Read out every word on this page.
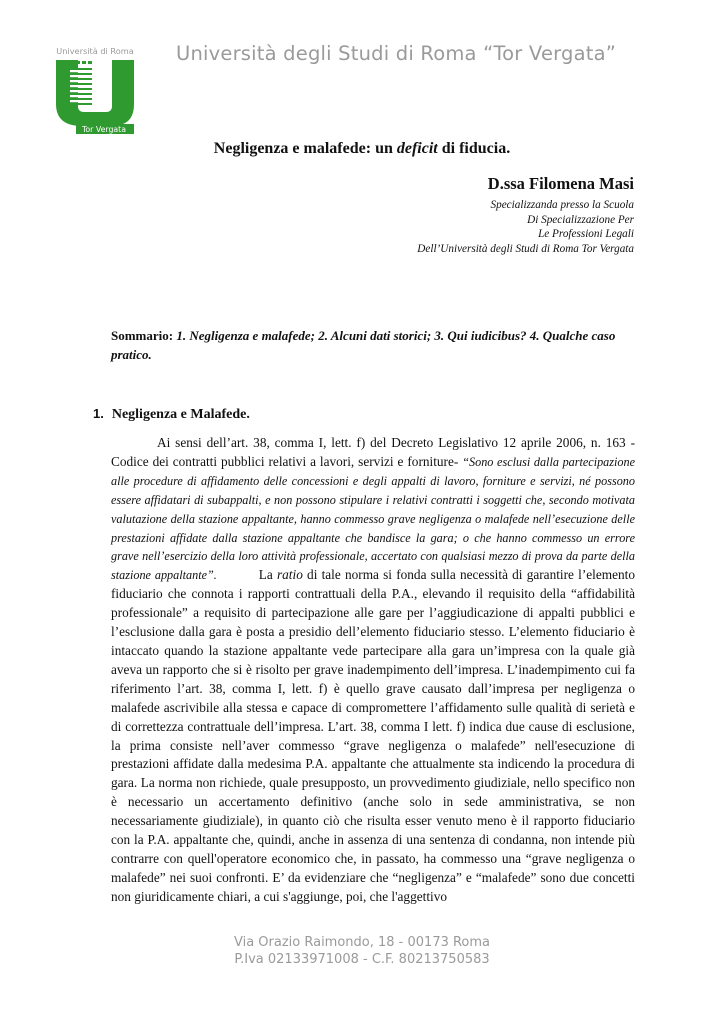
Università di Roma
Tor Vergata
Università degli Studi di Roma “Tor Vergata”
Negligenza e malafede: un deficit di fiducia.
D.ssa Filomena Masi
Specializzanda presso la Scuola
Di Specializzazione Per
Le Professioni Legali
Dell’Università degli Studi di Roma Tor Vergata
Sommario: 1. Negligenza e malafede; 2. Alcuni dati storici; 3. Qui iudicibus? 4. Qualche caso pratico.
1. Negligenza e Malafede.

Ai sensi dell’art. 38, comma I, lett. f) del Decreto Legislativo 12 aprile 2006, n. 163 - Codice dei contratti pubblici relativi a lavori, servizi e forniture- “Sono esclusi dalla partecipazione alle procedure di affidamento delle concessioni e degli appalti di lavoro, forniture e servizi, né possono essere affidatari di subappalti, e non possono stipulare i relativi contratti i soggetti che, secondo motivata valutazione della stazione appaltante, hanno commesso grave negligenza o malafede nell’esecuzione delle prestazioni affidate dalla stazione appaltante che bandisce la gara; o che hanno commesso un errore grave nell’esercizio della loro attività professionale, accertato con qualsiasi mezzo di prova da parte della stazione appaltante”.          La ratio di tale norma si fonda sulla necessità di garantire l’elemento fiduciario che connota i rapporti contrattuali della P.A., elevando il requisito della “affidabilità professionale” a requisito di partecipazione alle gare per l’aggiudicazione di appalti pubblici e l’esclusione dalla gara è posta a presidio dell’elemento fiduciario stesso. L’elemento fiduciario è intaccato quando la stazione appaltante vede partecipare alla gara un’impresa con la quale già aveva un rapporto che si è risolto per grave inadempimento dell’impresa. L’inadempimento cui fa riferimento l’art. 38, comma I, lett. f) è quello grave causato dall’impresa per negligenza o malafede ascrivibile alla stessa e capace di compromettere l’affidamento sulle qualità di serietà e di correttezza contrattuale dell’impresa. L’art. 38, comma I lett. f) indica due cause di esclusione, la prima consiste nell’aver commesso “grave negligenza o malafede” nell'esecuzione di prestazioni affidate dalla medesima P.A. appaltante che attualmente sta indicendo la procedura di gara. La norma non richiede, quale presupposto, un provvedimento giudiziale, nello specifico non è necessario un accertamento definitivo (anche solo in sede amministrativa, se non necessariamente giudiziale), in quanto ciò che risulta esser venuto meno è il rapporto fiduciario con la P.A. appaltante che, quindi, anche in assenza di una sentenza di condanna, non intende più contrarre con quell'operatore economico che, in passato, ha commesso una “grave negligenza o malafede” nei suoi confronti. E’ da evidenziare che “negligenza” e “malafede” sono due concetti non giuridicamente chiari, a cui s'aggiunge, poi, che l'aggettivo

Via Orazio Raimondo, 18 - 00173 Roma
P.Iva 02133971008 - C.F. 80213750583
